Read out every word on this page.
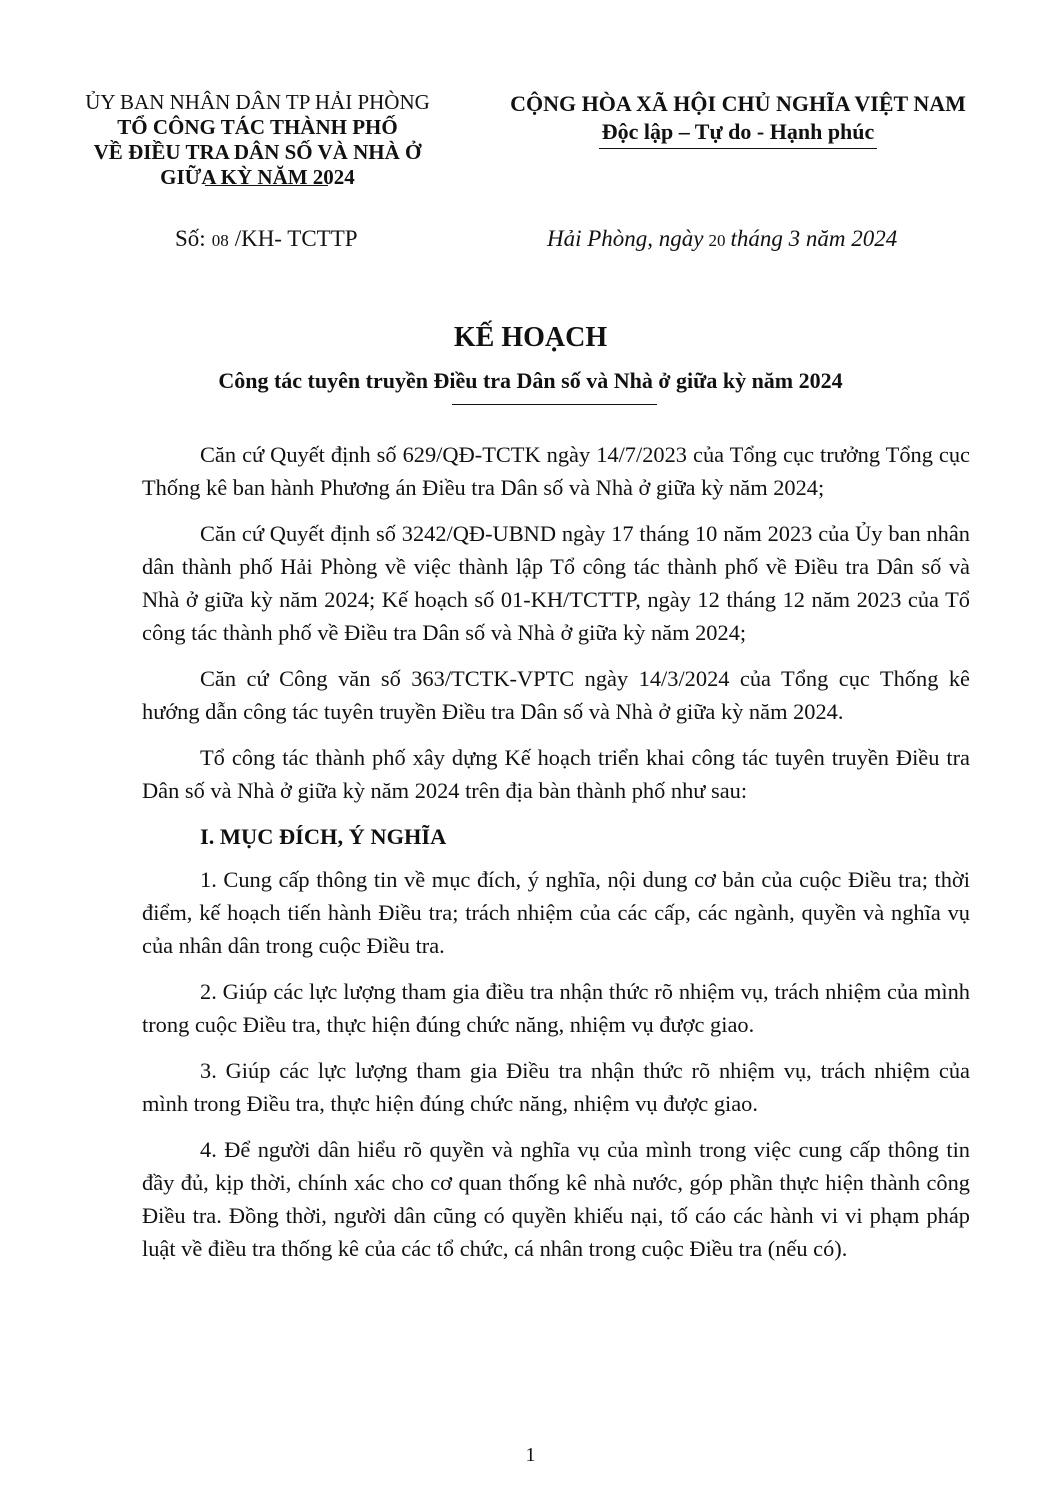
ỦY BAN NHÂN DÂN TP HẢI PHÒNG
TỔ CÔNG TÁC THÀNH PHỐ
VỀ ĐIỀU TRA DÂN SỐ VÀ NHÀ Ở
GIỮA KỲ NĂM 2024
CỘNG HÒA XÃ HỘI CHỦ NGHĨA VIỆT NAM
Độc lập – Tự do - Hạnh phúc
Số: 08 /KH- TCTTP	Hải Phòng, ngày 20 tháng 3 năm 2024
KẾ HOẠCH
Công tác tuyên truyền Điều tra Dân số và Nhà ở giữa kỳ năm 2024

Căn cứ Quyết định số 629/QĐ-TCTK ngày 14/7/2023 của Tổng cục trưởng Tổng cục Thống kê ban hành Phương án Điều tra Dân số và Nhà ở giữa kỳ năm 2024;

Căn cứ Quyết định số 3242/QĐ-UBND ngày 17 tháng 10 năm 2023 của Ủy ban nhân dân thành phố Hải Phòng về việc thành lập Tổ công tác thành phố về Điều tra Dân số và Nhà ở giữa kỳ năm 2024; Kế hoạch số 01-KH/TCTTP, ngày 12 tháng 12 năm 2023 của Tổ công tác thành phố về Điều tra Dân số và Nhà ở giữa kỳ năm 2024;

Căn cứ Công văn số 363/TCTK-VPTC ngày 14/3/2024 của Tổng cục Thống kê hướng dẫn công tác tuyên truyền Điều tra Dân số và Nhà ở giữa kỳ năm 2024.

Tổ công tác thành phố xây dựng Kế hoạch triển khai công tác tuyên truyền Điều tra Dân số và Nhà ở giữa kỳ năm 2024 trên địa bàn thành phố như sau:

I. MỤC ĐÍCH, Ý NGHĨA

1. Cung cấp thông tin về mục đích, ý nghĩa, nội dung cơ bản của cuộc Điều tra; thời điểm, kế hoạch tiến hành Điều tra; trách nhiệm của các cấp, các ngành, quyền và nghĩa vụ của nhân dân trong cuộc Điều tra.

2. Giúp các lực lượng tham gia điều tra nhận thức rõ nhiệm vụ, trách nhiệm của mình trong cuộc Điều tra, thực hiện đúng chức năng, nhiệm vụ được giao.

3. Giúp các lực lượng tham gia Điều tra nhận thức rõ nhiệm vụ, trách nhiệm của mình trong Điều tra, thực hiện đúng chức năng, nhiệm vụ được giao.

4. Để người dân hiểu rõ quyền và nghĩa vụ của mình trong việc cung cấp thông tin đầy đủ, kịp thời, chính xác cho cơ quan thống kê nhà nước, góp phần thực hiện thành công Điều tra. Đồng thời, người dân cũng có quyền khiếu nại, tố cáo các hành vi vi phạm pháp luật về điều tra thống kê của các tổ chức, cá nhân trong cuộc Điều tra (nếu có).

1
